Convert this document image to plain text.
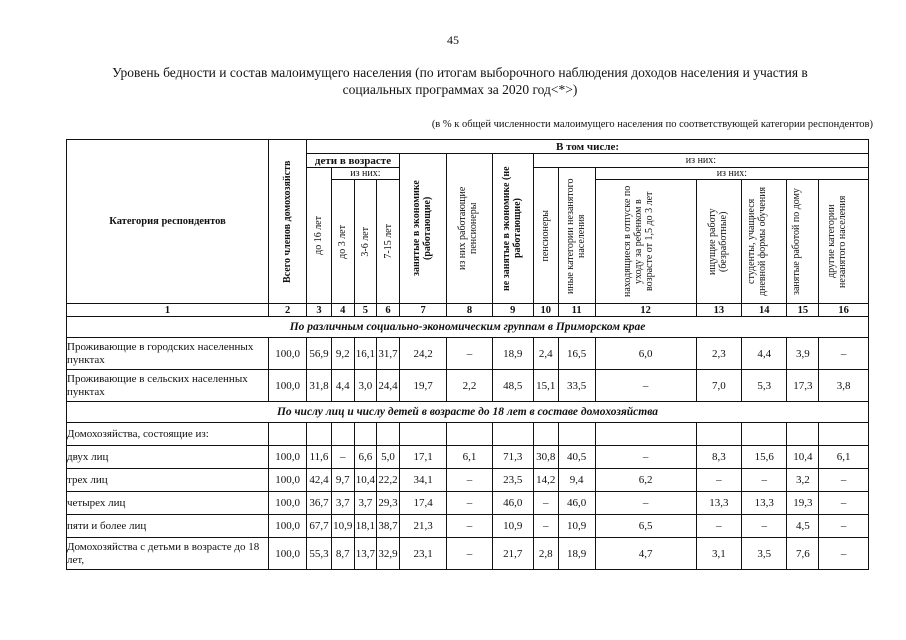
45
Уровень бедности и состав малоимущего населения (по итогам выборочного наблюдения доходов населения и участия в социальных программах за 2020 год<*>)
(в % к общей численности малоимущего населения по соответствующей категории респондентов)
Категория респондентов	Всего членов домохозяйств	В том числе:													
		дети в возрасте				занятые в экономике (работающие)	из них работающие пенсионеры	не занятые в экономике (не работающие)	из них:						

		до 16 лет	из них:						пенсионеры	иные категории незанятого населения	из них:				

			до 3 лет	3-6 лет	7-15 лет						находящиеся в отпуске по уходу за ребенком в возрасте от 1,5 до 3 лет	ищущие работу (безработные)	студенты, учащиеся дневной формы обучения	занятые работой по дому	другие категории незанятого населения

1	2	3	4	5	6	7	8	9	10	11	12	13	14	15	16
По различным социально-экономическим группам в Приморском крае															
Проживающие в городских населенных пунктах	100,0	56,9	9,2	16,1	31,7	24,2	–	18,9	2,4	16,5	6,0	2,3	4,4	3,9	–
Проживающие в сельских населенных пунктах	100,0	31,8	4,4	3,0	24,4	19,7	2,2	48,5	15,1	33,5	–	7,0	5,3	17,3	3,8
По числу лиц и числу детей в возрасте до 18 лет в составе домохозяйства															
Домохозяйства, состоящие из:															
двух лиц	100,0	11,6	–	6,6	5,0	17,1	6,1	71,3	30,8	40,5	–	8,3	15,6	10,4	6,1
трех лиц	100,0	42,4	9,7	10,4	22,2	34,1	–	23,5	14,2	9,4	6,2	–	–	3,2	–
четырех лиц	100,0	36,7	3,7	3,7	29,3	17,4	–	46,0	–	46,0	–	13,3	13,3	19,3	–
пяти и более лиц	100,0	67,7	10,9	18,1	38,7	21,3	–	10,9	–	10,9	6,5	–	–	4,5	–
Домохозяйства с детьми в возрасте до 18 лет,	100,0	55,3	8,7	13,7	32,9	23,1	–	21,7	2,8	18,9	4,7	3,1	3,5	7,6	–
